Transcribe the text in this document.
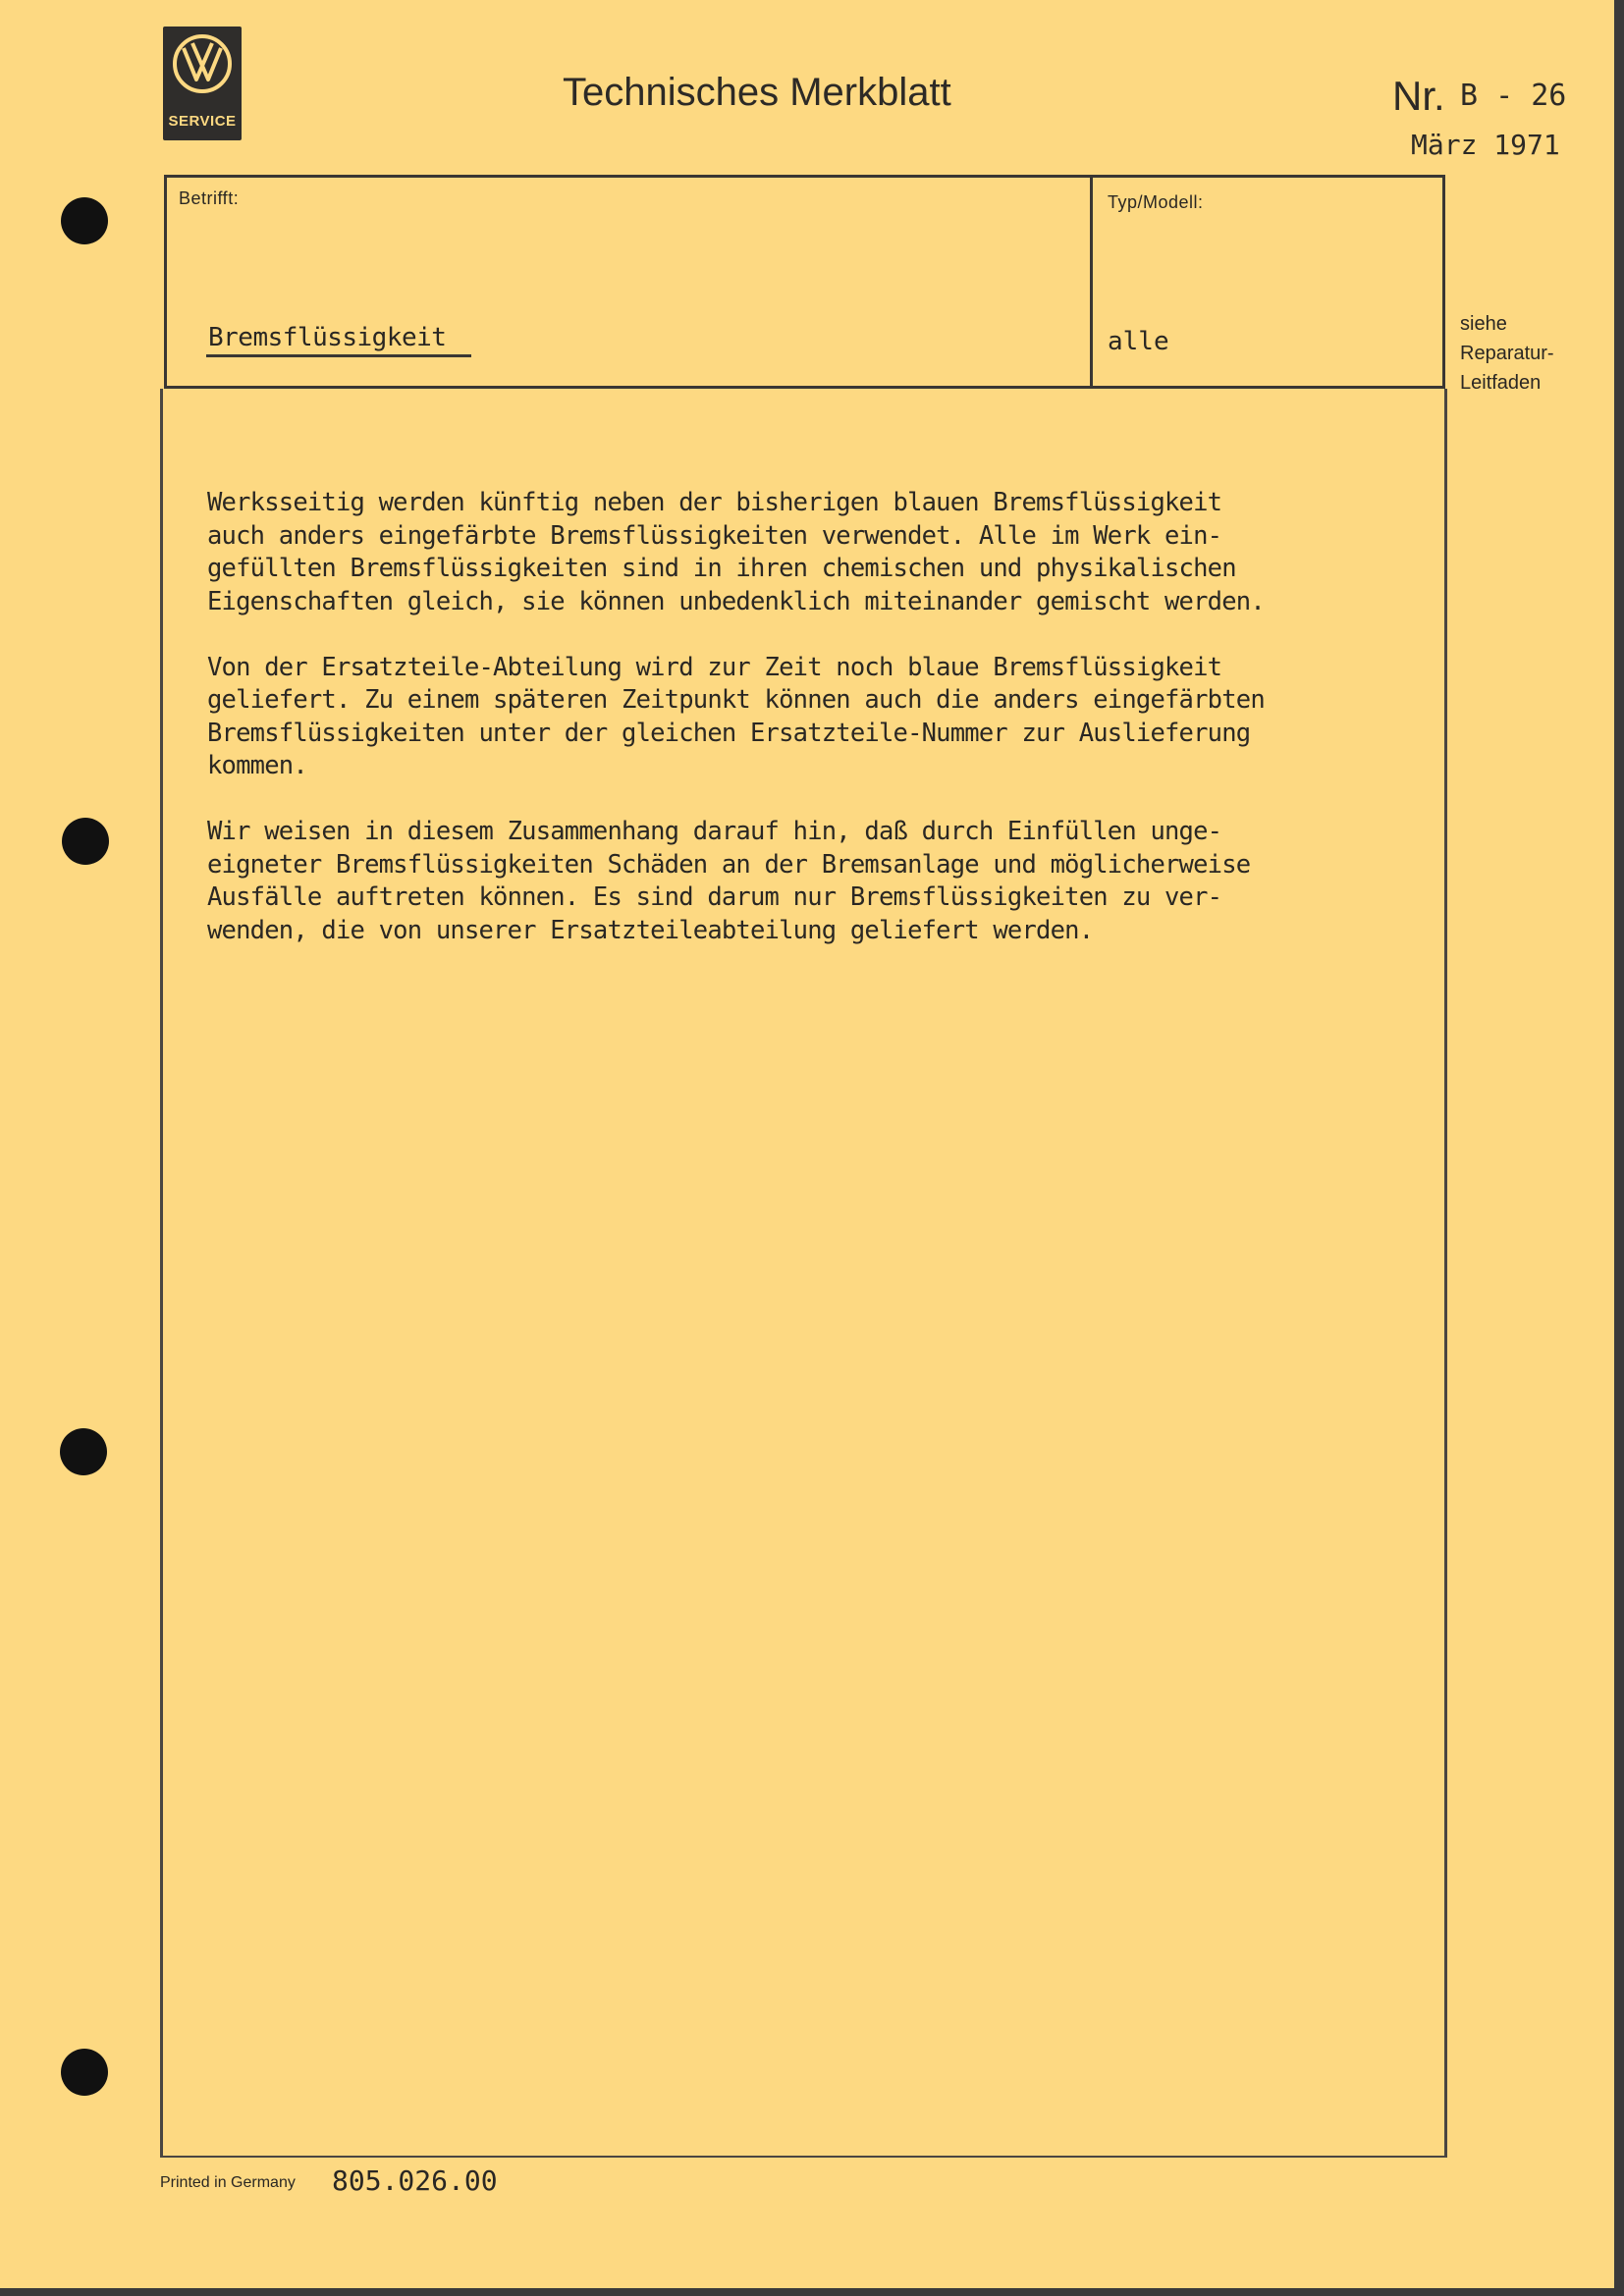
SERVICE
Technisches Merkblatt	Nr. B - 26
März 1971
Betrifft:	Typ/Modell:
Bremsflüssigkeit	alle
siehe
Reparatur-
Leitfaden
Werksseitig werden künftig neben der bisherigen blauen Bremsflüssigkeit
auch anders eingefärbte Bremsflüssigkeiten verwendet. Alle im Werk ein-
gefüllten Bremsflüssigkeiten sind in ihren chemischen und physikalischen
Eigenschaften gleich, sie können unbedenklich miteinander gemischt werden.
Von der Ersatzteile-Abteilung wird zur Zeit noch blaue Bremsflüssigkeit
geliefert. Zu einem späteren Zeitpunkt können auch die anders eingefärbten
Bremsflüssigkeiten unter der gleichen Ersatzteile-Nummer zur Auslieferung
kommen.
Wir weisen in diesem Zusammenhang darauf hin, daß durch Einfüllen unge-
eigneter Bremsflüssigkeiten Schäden an der Bremsanlage und möglicherweise
Ausfälle auftreten können. Es sind darum nur Bremsflüssigkeiten zu ver-
wenden, die von unserer Ersatzteileabteilung geliefert werden.
Printed in Germany 805.026.00
